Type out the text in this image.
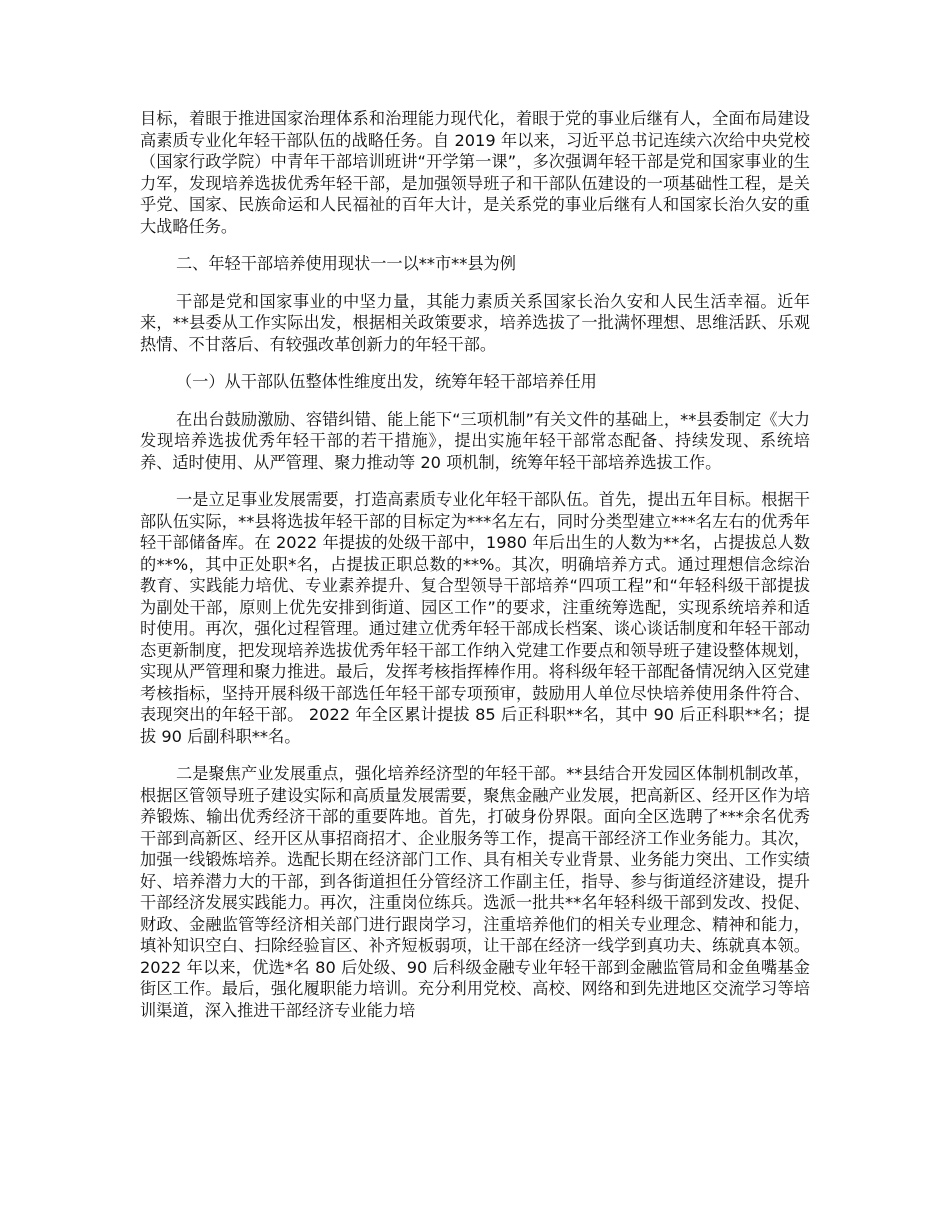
目标，着眼于推进国家治理体系和治理能力现代化，着眼于党的事业后继有人，全面布局建设高素质专业化年轻干部队伍的战略任务。自 2019 年以来，习近平总书记连续六次给中央党校（国家行政学院）中青年干部培训班讲“开学第一课”，多次强调年轻干部是党和国家事业的生力军，发现培养选拔优秀年轻干部，是加强领导班子和干部队伍建设的一项基础性工程，是关乎党、国家、民族命运和人民福祉的百年大计，是关系党的事业后继有人和国家长治久安的重大战略任务。

二、年轻干部培养使用现状一一以**市**县为例

干部是党和国家事业的中坚力量，其能力素质关系国家长治久安和人民生活幸福。近年来，**县委从工作实际出发，根据相关政策要求，培养选拔了一批满怀理想、思维活跃、乐观热情、不甘落后、有较强改革创新力的年轻干部。

（一）从干部队伍整体性维度出发，统筹年轻干部培养任用

在出台鼓励激励、容错纠错、能上能下“三项机制”有关文件的基础上，**县委制定《大力发现培养选拔优秀年轻干部的若干措施》，提出实施年轻干部常态配备、持续发现、系统培养、适时使用、从严管理、聚力推动等 20 项机制，统筹年轻干部培养选拔工作。

一是立足事业发展需要，打造高素质专业化年轻干部队伍。首先，提出五年目标。根据干部队伍实际，**县将选拔年轻干部的目标定为***名左右，同时分类型建立***名左右的优秀年轻干部储备库。在 2022 年提拔的处级干部中，1980 年后出生的人数为**名，占提拔总人数的**%，其中正处职*名，占提拔正职总数的**%。其次，明确培养方式。通过理想信念综治教育、实践能力培优、专业素养提升、复合型领导干部培养“四项工程”和“年轻科级干部提拔为副处干部，原则上优先安排到街道、园区工作”的要求，注重统筹选配，实现系统培养和适时使用。再次，强化过程管理。通过建立优秀年轻干部成长档案、谈心谈话制度和年轻干部动态更新制度，把发现培养选拔优秀年轻干部工作纳入党建工作要点和领导班子建设整体规划，实现从严管理和聚力推进。最后，发挥考核指挥棒作用。将科级年轻干部配备情况纳入区党建考核指标，坚持开展科级干部选任年轻干部专项预审，鼓励用人单位尽快培养使用条件符合、表现突出的年轻干部。 2022 年全区累计提拔 85 后正科职**名，其中 90 后正科职**名；提拔 90 后副科职**名。

二是聚焦产业发展重点，强化培养经济型的年轻干部。**县结合开发园区体制机制改革，根据区管领导班子建设实际和高质量发展需要，聚焦金融产业发展，把高新区、经开区作为培养锻炼、输出优秀经济干部的重要阵地。首先，打破身份界限。面向全区选聘了***余名优秀干部到高新区、经开区从事招商招才、企业服务等工作，提高干部经济工作业务能力。其次，加强一线锻炼培养。选配长期在经济部门工作、具有相关专业背景、业务能力突出、工作实绩好、培养潜力大的干部，到各街道担任分管经济工作副主任，指导、参与街道经济建设，提升干部经济发展实践能力。再次，注重岗位练兵。选派一批共**名年轻科级干部到发改、投促、财政、金融监管等经济相关部门进行跟岗学习，注重培养他们的相关专业理念、精神和能力，填补知识空白、扫除经验盲区、补齐短板弱项，让干部在经济一线学到真功夫、练就真本领。2022 年以来，优选*名 80 后处级、90 后科级金融专业年轻干部到金融监管局和金鱼嘴基金街区工作。最后，强化履职能力培训。充分利用党校、高校、网络和到先进地区交流学习等培训渠道，深入推进干部经济专业能力培
